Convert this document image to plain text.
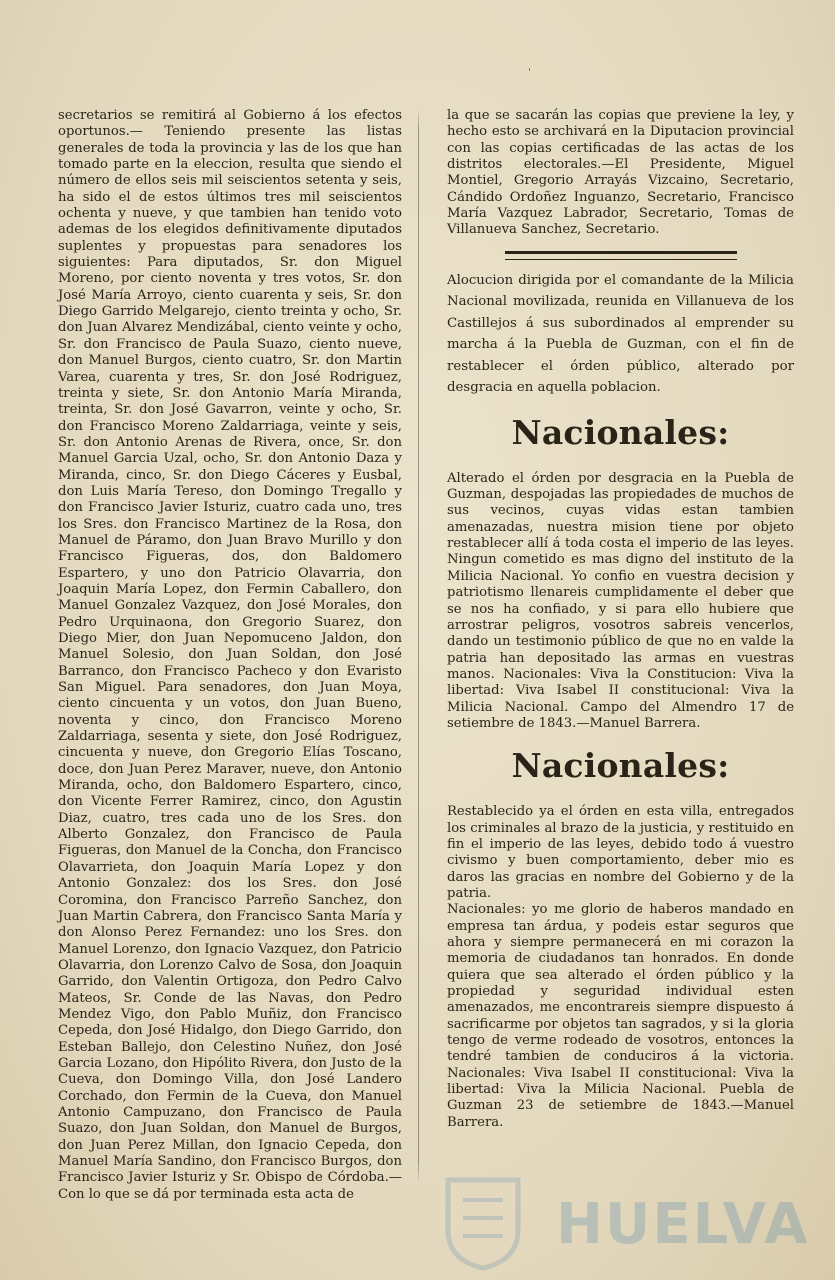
'

secretarios se remitirá al Gobierno á los efectos oportunos.— Teniendo presente las listas generales de toda la provincia y las de los que han tomado parte en la eleccion, resulta que siendo el número de ellos seis mil seiscientos setenta y seis, ha sido el de estos últimos tres mil seiscientos ochenta y nueve, y que tambien han tenido voto ademas de los elegidos definitivamente diputados suplentes y propuestas para senadores los siguientes: Para diputados, Sr. don Miguel Moreno, por ciento noventa y tres votos, Sr. don José María Arroyo, ciento cuarenta y seis, Sr. don Diego Garrido Melgarejo, ciento treinta y ocho, Sr. don Juan Alvarez Mendizábal, ciento veinte y ocho, Sr. don Francisco de Paula Suazo, ciento nueve, don Manuel Burgos, ciento cuatro, Sr. don Martin Varea, cuarenta y tres, Sr. don José Rodriguez, treinta y siete, Sr. don Antonio María Miranda, treinta, Sr. don José Gavarron, veinte y ocho, Sr. don Francisco Moreno Zaldarriaga, veinte y seis, Sr. don Antonio Arenas de Rivera, once, Sr. don Manuel Garcia Uzal, ocho, Sr. don Antonio Daza y Miranda, cinco, Sr. don Diego Cáceres y Eusbal, don Luis María Tereso, don Domingo Tregallo y don Francisco Javier Isturiz, cuatro cada uno, tres los Sres. don Francisco Martinez de la Rosa, don Manuel de Páramo, don Juan Bravo Murillo y don Francisco Figueras, dos, don Baldomero Espartero, y uno don Patricio Olavarria, don Joaquin María Lopez, don Fermin Caballero, don Manuel Gonzalez Vazquez, don José Morales, don Pedro Urquinaona, don Gregorio Suarez, don Diego Mier, don Juan Nepomuceno Jaldon, don Manuel Solesio, don Juan Soldan, don José Barranco, don Francisco Pacheco y don Evaristo San Miguel. Para senadores, don Juan Moya, ciento cincuenta y un votos, don Juan Bueno, noventa y cinco, don Francisco Moreno Zaldarriaga, sesenta y siete, don José Rodriguez, cincuenta y nueve, don Gregorio Elías Toscano, doce, don Juan Perez Maraver, nueve, don Antonio Miranda, ocho, don Baldomero Espartero, cinco, don Vicente Ferrer Ramirez, cinco, don Agustin Diaz, cuatro, tres cada uno de los Sres. don Alberto Gonzalez, don Francisco de Paula Figueras, don Manuel de la Concha, don Francisco Olavarrieta, don Joaquin María Lopez y don Antonio Gonzalez: dos los Sres. don José Coromina, don Francisco Parreño Sanchez, don Juan Martin Cabrera, don Francisco Santa María y don Alonso Perez Fernandez: uno los Sres. don Manuel Lorenzo, don Ignacio Vazquez, don Patricio Olavarria, don Lorenzo Calvo de Sosa, don Joaquin Garrido, don Valentin Ortigoza, don Pedro Calvo Mateos, Sr. Conde de las Navas, don Pedro Mendez Vigo, don Pablo Muñiz, don Francisco Cepeda, don José Hidalgo, don Diego Garrido, don Esteban Ballejo, don Celestino Nuñez, don José Garcia Lozano, don Hipólito Rivera, don Justo de la Cueva, don Domingo Villa, don José Landero Corchado, don Fermin de la Cueva, don Manuel Antonio Campuzano, don Francisco de Paula Suazo, don Juan Soldan, don Manuel de Burgos, don Juan Perez Millan, don Ignacio Cepeda, don Manuel María Sandino, don Francisco Burgos, don Francisco Javier Isturiz y Sr. Obispo de Córdoba.—Con lo que se dá por terminada esta acta de

la que se sacarán las copias que previene la ley, y hecho esto se archivará en la Diputacion provincial con las copias certificadas de las actas de los distritos electorales.—El Presidente, Miguel Montiel, Gregorio Arrayás Vizcaino, Secretario, Cándido Ordoñez Inguanzo, Secretario, Francisco María Vazquez Labrador, Secretario, Tomas de Villanueva Sanchez, Secretario.

Alocucion dirigida por el comandante de la Milicia Nacional movilizada, reunida en Villanueva de los Castillejos á sus subordinados al emprender su marcha á la Puebla de Guzman, con el fin de restablecer el órden público, alterado por desgracia en aquella poblacion.

Nacionales:

Alterado el órden por desgracia en la Puebla de Guzman, despojadas las propiedades de muchos de sus vecinos, cuyas vidas estan tambien amenazadas, nuestra mision tiene por objeto restablecer allí á toda costa el imperio de las leyes. Ningun cometido es mas digno del instituto de la Milicia Nacional. Yo confio en vuestra decision y patriotismo llenareis cumplidamente el deber que se nos ha confiado, y si para ello hubiere que arrostrar peligros, vosotros sabreis vencerlos, dando un testimonio público de que no en valde la patria han depositado las armas en vuestras manos. Nacionales: Viva la Constitucion: Viva la libertad: Viva Isabel II constitucional: Viva la Milicia Nacional. Campo del Almendro 17 de setiembre de 1843.—Manuel Barrera.

Nacionales:

Restablecido ya el órden en esta villa, entregados los criminales al brazo de la justicia, y restituido en fin el imperio de las leyes, debido todo á vuestro civismo y buen comportamiento, deber mio es daros las gracias en nombre del Gobierno y de la patria.

Nacionales: yo me glorio de haberos mandado en empresa tan árdua, y podeis estar seguros que ahora y siempre permanecerá en mi corazon la memoria de ciudadanos tan honrados. En donde quiera que sea alterado el órden público y la propiedad y seguridad individual esten amenazados, me encontrareis siempre dispuesto á sacrificarme por objetos tan sagrados, y si la gloria tengo de verme rodeado de vosotros, entonces la tendré tambien de conduciros á la victoria. Nacionales: Viva Isabel II constitucional: Viva la libertad: Viva la Milicia Nacional. Puebla de Guzman 23 de setiembre de 1843.—Manuel Barrera.

HUELVA
